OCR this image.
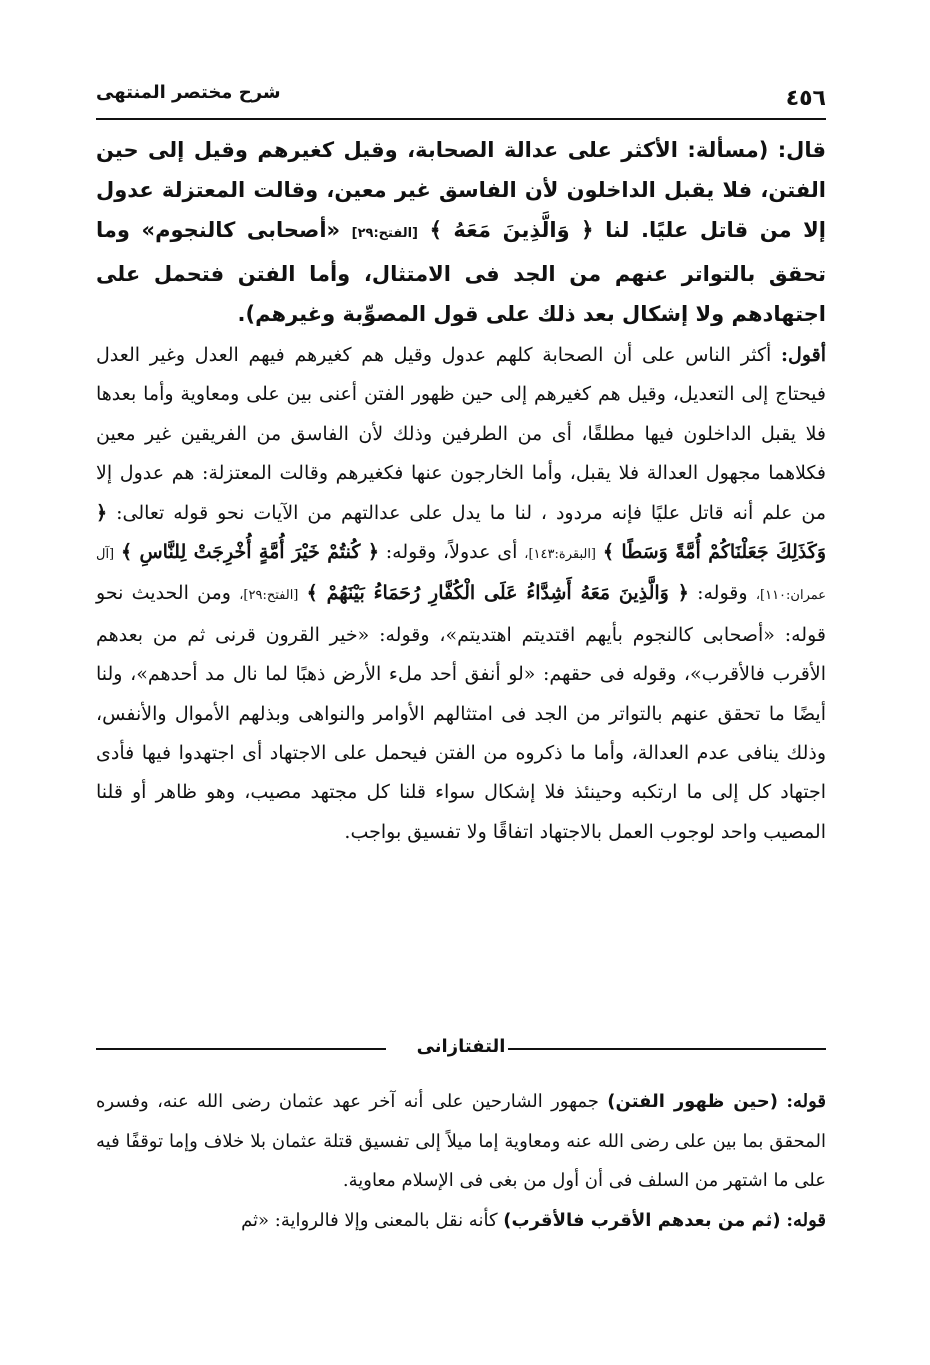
٤٥٦
شرح مختصر المنتهى

قال: (مسألة: الأكثر على عدالة الصحابة، وقيل كغيرهم وقيل إلى حين الفتن، فلا يقبل الداخلون لأن الفاسق غير معين، وقالت المعتزلة عدول إلا من قاتل عليًا. لنا ﴿ وَالَّذِينَ مَعَهُ ﴾ [الفتح:٢٩] «أصحابى كالنجوم» وما تحقق بالتواتر عنهم من الجد فى الامتثال، وأما الفتن فتحمل على اجتهادهم ولا إشكال بعد ذلك على قول المصوِّبة وغيرهم).

أقول: أكثر الناس على أن الصحابة كلهم عدول وقيل هم كغيرهم فيهم العدل وغير العدل فيحتاج إلى التعديل، وقيل هم كغيرهم إلى حين ظهور الفتن أعنى بين على ومعاوية وأما بعدها فلا يقبل الداخلون فيها مطلقًا، أى من الطرفين وذلك لأن الفاسق من الفريقين غير معين فكلاهما مجهول العدالة فلا يقبل، وأما الخارجون عنها فكغيرهم وقالت المعتزلة: هم عدول إلا من علم أنه قاتل عليًا فإنه مردود ، لنا ما يدل على عدالتهم من الآيات نحو قوله تعالى: ﴿ وَكَذَلِكَ جَعَلْنَاكُمْ أُمَّةً وَسَطًا ﴾ [البقرة:١٤٣]، أى عدولاً، وقوله: ﴿ كُنتُمْ خَيْرَ أُمَّةٍ أُخْرِجَتْ لِلنَّاسِ ﴾ [آل عمران:١١٠]، وقوله: ﴿ وَالَّذِينَ مَعَهُ أَشِدَّاءُ عَلَى الْكُفَّارِ رُحَمَاءُ بَيْنَهُمْ ﴾ [الفتح:٢٩]، ومن الحديث نحو قوله: «أصحابى كالنجوم بأيهم اقتديتم اهتديتم»، وقوله: «خير القرون قرنى ثم من بعدهم الأقرب فالأقرب»، وقوله فى حقهم: «لو أنفق أحد ملء الأرض ذهبًا لما نال مد أحدهم»، ولنا أيضًا ما تحقق عنهم بالتواتر من الجد فى امتثالهم الأوامر والنواهى وبذلهم الأموال والأنفس، وذلك ينافى عدم العدالة، وأما ما ذكروه من الفتن فيحمل على الاجتهاد أى اجتهدوا فيها فأدى اجتهاد كل إلى ما ارتكبه وحينئذ فلا إشكال سواء قلنا كل مجتهد مصيب، وهو ظاهر أو قلنا المصيب واحد لوجوب العمل بالاجتهاد اتفاقًا ولا تفسيق بواجب.

التفتازانى

قوله: (حين ظهور الفتن) جمهور الشارحين على أنه آخر عهد عثمان رضى الله عنه، وفسره المحقق بما بين على رضى الله عنه ومعاوية إما ميلاً إلى تفسيق قتلة عثمان بلا خلاف وإما توقفًا فيه على ما اشتهر من السلف فى أن أول من بغى فى الإسلام معاوية.

قوله: (ثم من بعدهم الأقرب فالأقرب) كأنه نقل بالمعنى وإلا فالرواية: «ثم
